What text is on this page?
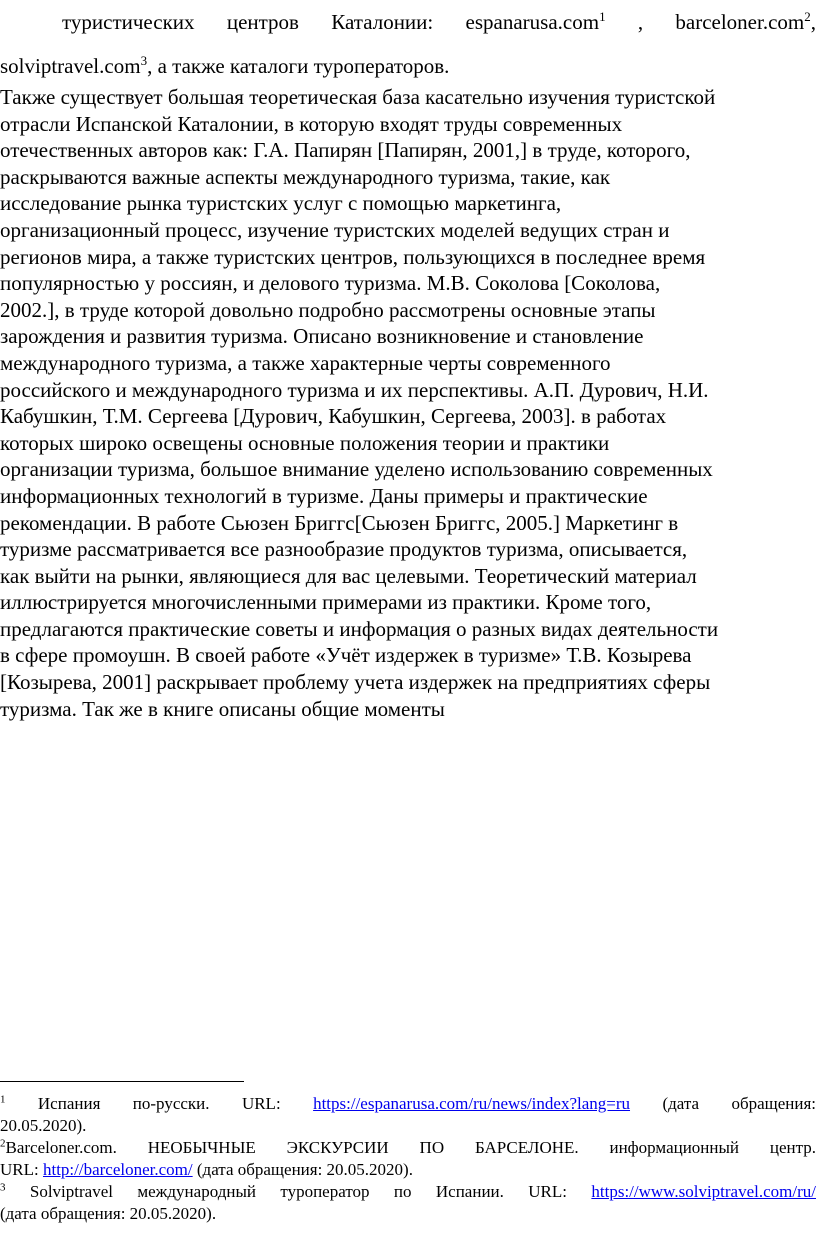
туристических центров Каталонии: espanarusa.com$^1$ , barceloner.com$^2$,
solviptravel.com$^3$, а также каталоги туроператоров.
Также существует большая теоретическая база касательно изучения туристской
отрасли Испанской Каталонии, в которую входят труды современных
отечественных авторов как: Г.А. Папирян [Папирян, 2001,] в труде, которого,
раскрываются важные аспекты международного туризма, такие, как
исследование рынка туристских услуг с помощью маркетинга,
организационный процесс, изучение туристских моделей ведущих стран и
регионов мира, а также туристских центров, пользующихся в последнее время
популярностью у россиян, и делового туризма. М.В. Соколова [Соколова,
2002.], в труде которой довольно подробно рассмотрены основные этапы
зарождения и развития туризма. Описано возникновение и становление
международного туризма, а также характерные черты современного
российского и международного туризма и их перспективы. А.П. Дурович, Н.И.
Кабушкин, Т.М. Сергеева [Дурович, Кабушкин, Сергеева, 2003]. в работах
которых широко освещены основные положения теории и практики
организации туризма, большое внимание уделено использованию современных
информационных технологий в туризме. Даны примеры и практические
рекомендации. В работе Сьюзен Бриггс[Сьюзен Бриггс, 2005.] Маркетинг в
туризме рассматривается все разнообразие продуктов туризма, описывается,
как выйти на рынки, являющиеся для вас целевыми. Теоретический материал
иллюстрируется многочисленными примерами из практики. Кроме того,
предлагаются практические советы и информация о разных видах деятельности
в сфере промоушн. В своей работе «Учёт издержек в туризме» Т.В. Козырева
[Козырева, 2001] раскрывает проблему учета издержек на предприятиях сферы
туризма. Так же в книге описаны общие моменты
$^1$ Испания по-русски. URL: https://espanarusa.com/ru/news/index?lang=ru (дата обращения:
20.05.2020).
$^2$Barceloner.com. НЕОБЫЧНЫЕ ЭКСКУРСИИ ПО БАРСЕЛОНЕ. информационный центр.
URL: http://barceloner.com/ (дата обращения: 20.05.2020).
$^3$ Solviptravel международный туроператор по Испании. URL: https://www.solviptravel.com/ru/
(дата обращения: 20.05.2020).
